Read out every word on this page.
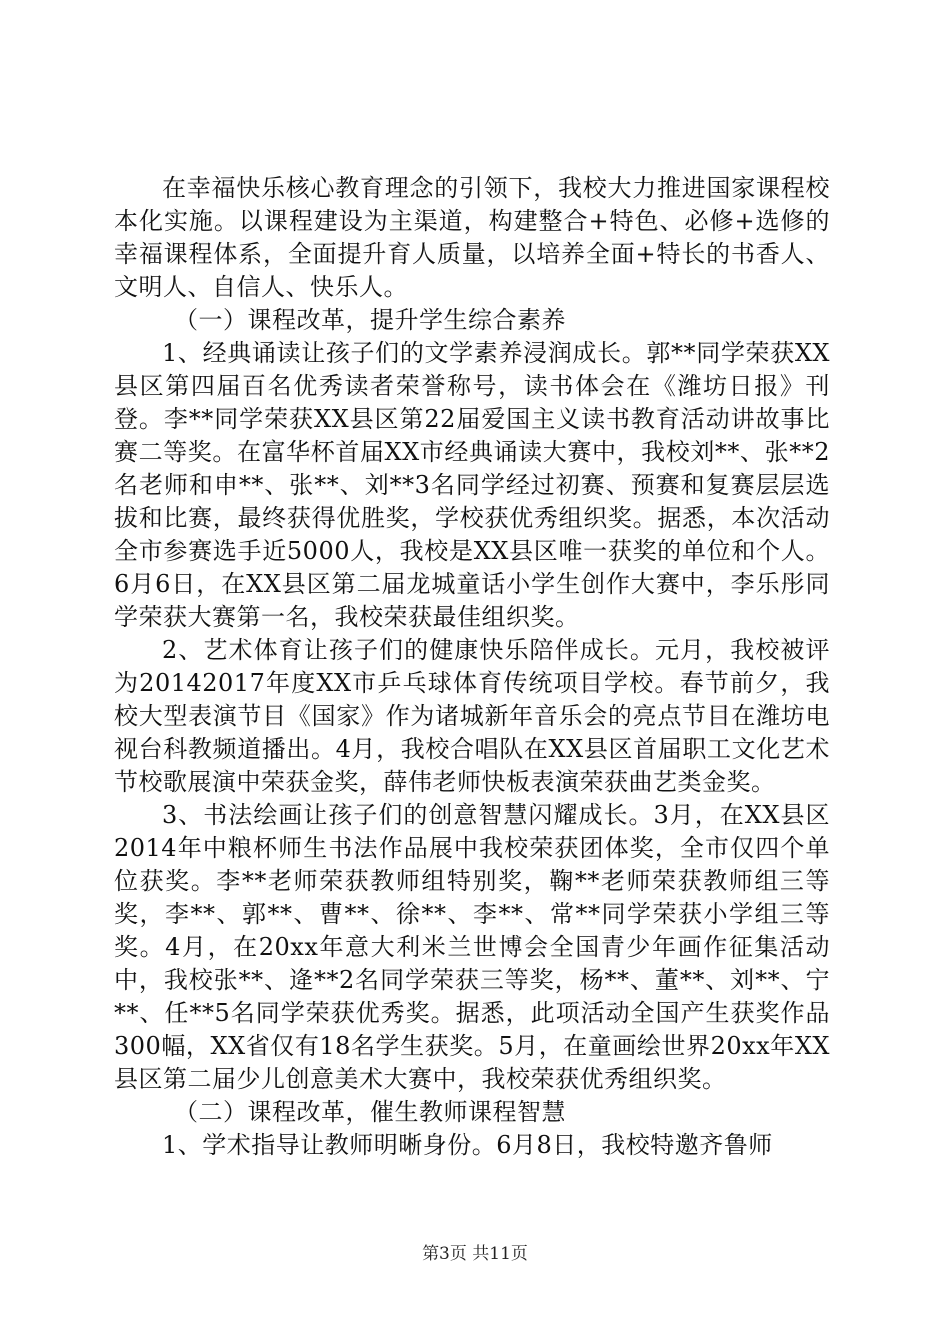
在幸福快乐核心教育理念的引领下，我校大力推进国家课程校本化实施。以课程建设为主渠道，构建整合+特色、必修+选修的幸福课程体系，全面提升育人质量，以培养全面+特长的书香人、文明人、自信人、快乐人。

（一）课程改革，提升学生综合素养

1、经典诵读让孩子们的文学素养浸润成长。郭**同学荣获XX县区第四届百名优秀读者荣誉称号，读书体会在《潍坊日报》刊登。李**同学荣获XX县区第22届爱国主义读书教育活动讲故事比赛二等奖。在富华杯首届XX市经典诵读大赛中，我校刘**、张**2名老师和申**、张**、刘**3名同学经过初赛、预赛和复赛层层选拔和比赛，最终获得优胜奖，学校获优秀组织奖。据悉，本次活动全市参赛选手近5000人，我校是XX县区唯一获奖的单位和个人。6月6日，在XX县区第二届龙城童话小学生创作大赛中，李乐彤同学荣获大赛第一名，我校荣获最佳组织奖。

2、艺术体育让孩子们的健康快乐陪伴成长。元月，我校被评为20142017年度XX市乒乓球体育传统项目学校。春节前夕，我校大型表演节目《国家》作为诸城新年音乐会的亮点节目在潍坊电视台科教频道播出。4月，我校合唱队在XX县区首届职工文化艺术节校歌展演中荣获金奖，薛伟老师快板表演荣获曲艺类金奖。

3、书法绘画让孩子们的创意智慧闪耀成长。3月，在XX县区2014年中粮杯师生书法作品展中我校荣获团体奖，全市仅四个单位获奖。李**老师荣获教师组特别奖，鞠**老师荣获教师组三等奖，李**、郭**、曹**、徐**、李**、常**同学荣获小学组三等奖。4月，在20xx年意大利米兰世博会全国青少年画作征集活动中，我校张**、逄**2名同学荣获三等奖，杨**、董**、刘**、宁**、任**5名同学荣获优秀奖。据悉，此项活动全国产生获奖作品300幅，XX省仅有18名学生获奖。5月，在童画绘世界20xx年XX县区第二届少儿创意美术大赛中，我校荣获优秀组织奖。

（二）课程改革，催生教师课程智慧

1、学术指导让教师明晰身份。6月8日，我校特邀齐鲁师

第3页 共11页
